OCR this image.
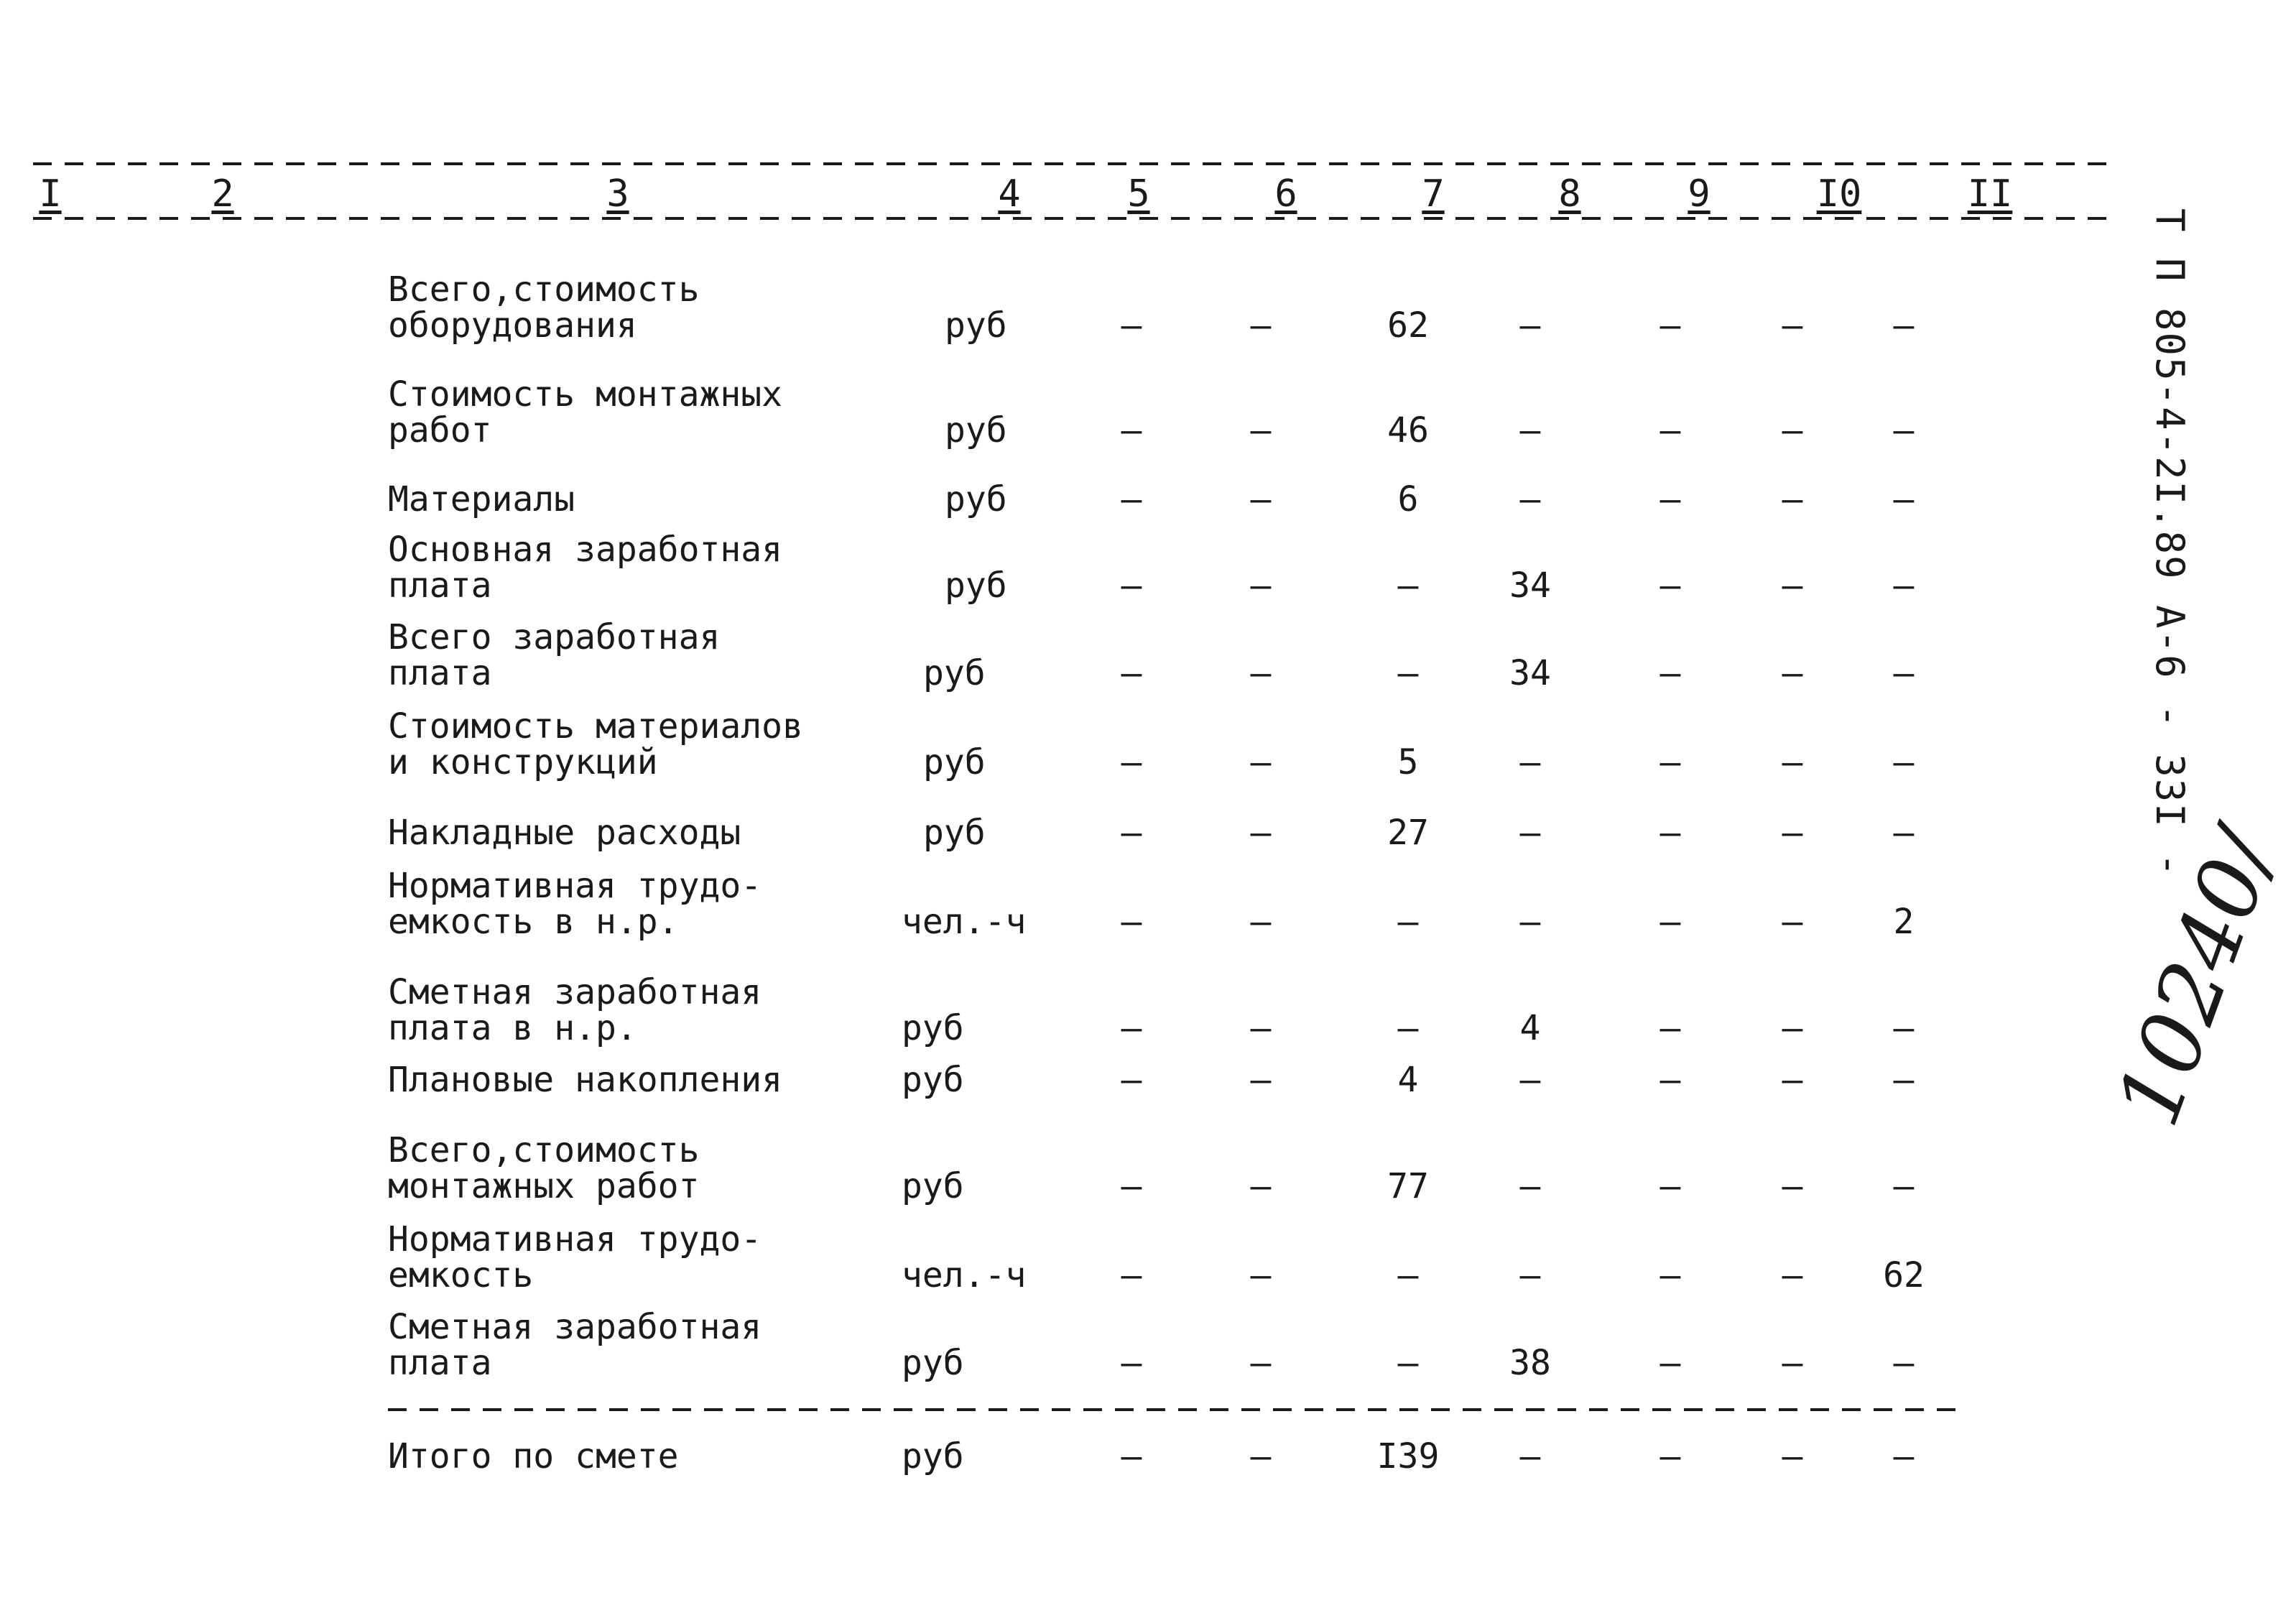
I	2	3	4	5	6	7	8	9	I0	II
Всего,стоимость
оборудования	руб	–	–	62	–	–	–	–
Стоимость монтажных
работ	руб	–	–	46	–	–	–	–
Материалы	руб	–	–	6	–	–	–	–
Основная заработная
плата	руб	–	–	–	34	–	–	–
Всего заработная
плата	руб	–	–	–	34	–	–	–
Стоимость материалов
и конструкций	руб	–	–	5	–	–	–	–
Накладные расходы	руб	–	–	27	–	–	–	–
Нормативная трудо-
емкость в н.р.	чел.-ч	–	–	–	–	–	–	2
Сметная заработная
плата в н.р.	руб	–	–	–	4	–	–	–
Плановые накопления	руб	–	–	4	–	–	–	–
Всего,стоимость
монтажных работ	руб	–	–	77	–	–	–	–
Нормативная трудо-
емкость	чел.-ч	–	–	–	–	–	– 62
Сметная заработная
плата	руб	–	–	–	38	–	–	–
Итого по смете	руб	–	–	I39 –	–	–	–
Т П 805-4-2I.89 А-6 - 33I -
10240/
